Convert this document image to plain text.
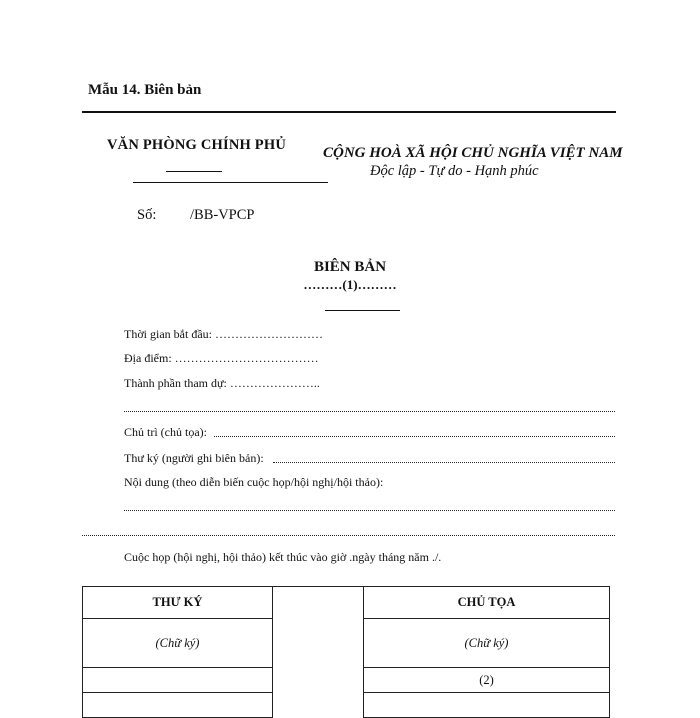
Mẫu 14. Biên bản
VĂN PHÒNG CHÍNH PHỦ CỘNG HOÀ XÃ HỘI CHỦ NGHĨA VIỆT NAM
Độc lập - Tự do - Hạnh phúc
Số: /BB-VPCP
BIÊN BẢN
………(1)………
Thời gian bắt đầu: ………………………
Địa điểm: ………………………………
Thành phần tham dự: …………………..
Chủ trì (chủ tọa):
Thư ký (người ghi biên bản):
Nội dung (theo diễn biến cuộc họp/hội nghị/hội thảo):
Cuộc họp (hội nghị, hội thảo) kết thúc vào giờ .ngày tháng năm ./.
THƯ KÝ		CHỦ TỌA
(Chữ ký)		(Chữ ký)
		(2)
